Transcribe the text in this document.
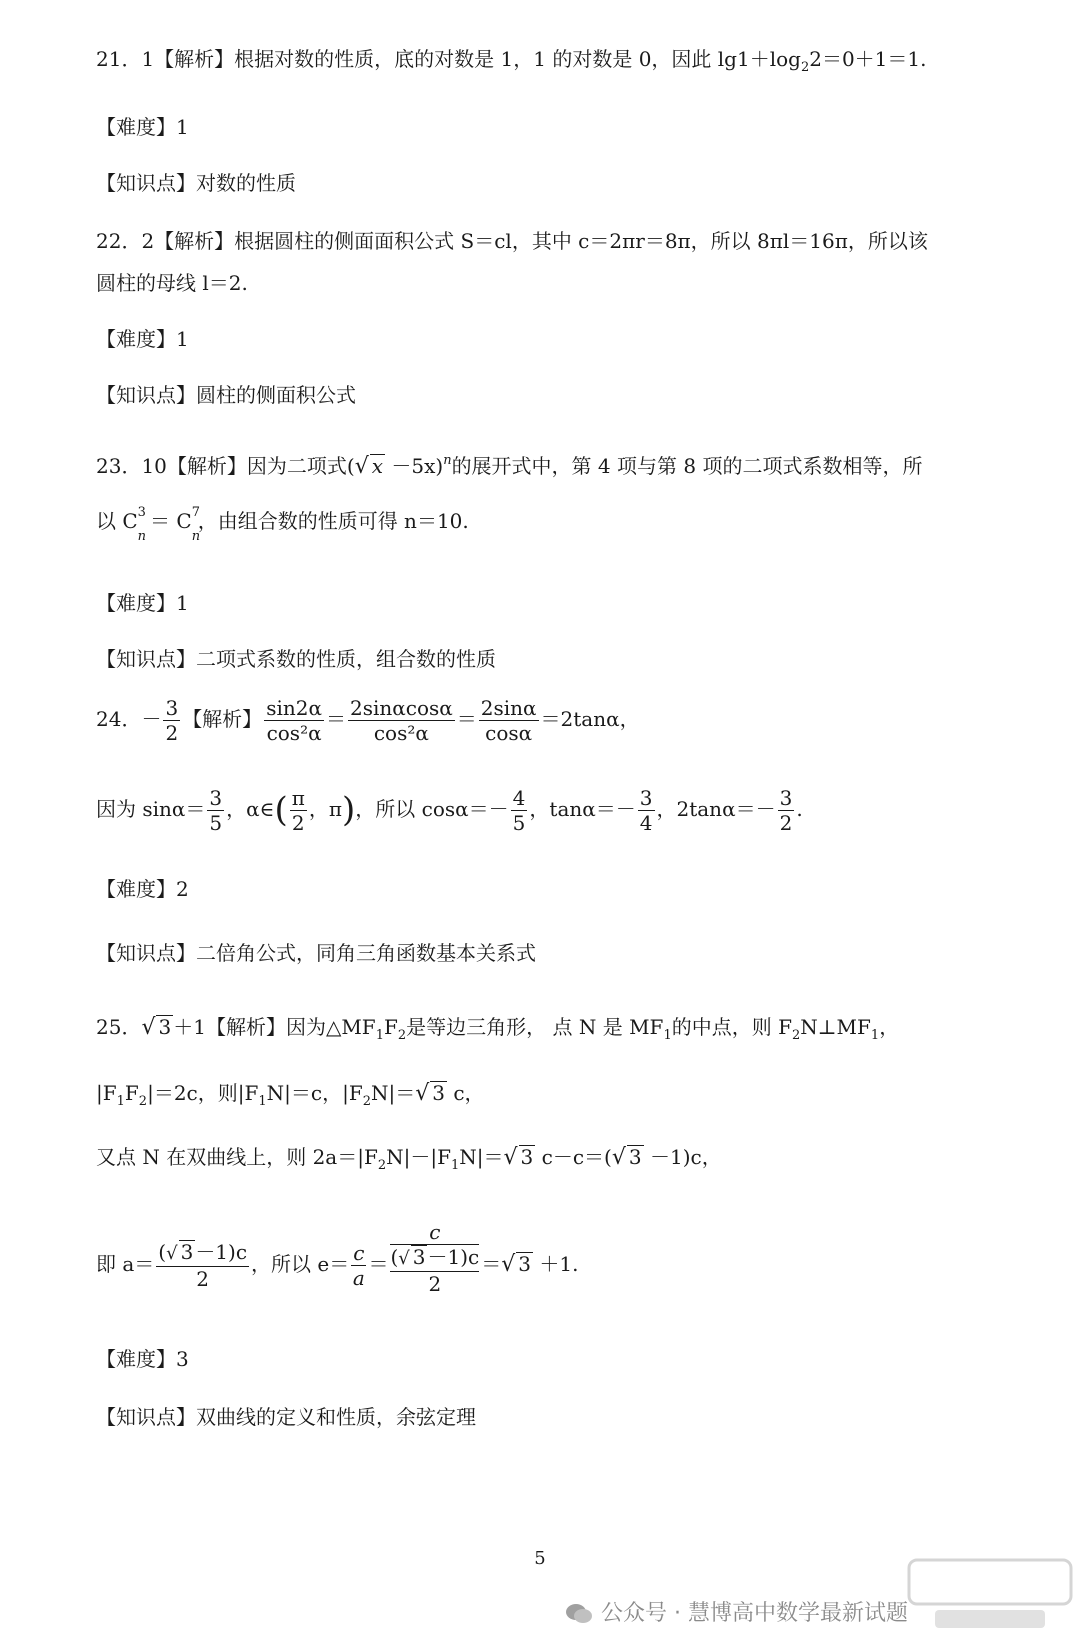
21．1【解析】根据对数的性质，底的对数是 1，1 的对数是 0，因此 $\lg 1+\log_22=0+1=1$.
【难度】1
【知识点】对数的性质
22．2【解析】根据圆柱的侧面面积公式 S＝cl，其中 c＝2πr＝8π，所以 8πl＝16π，所以该
圆柱的母线 l＝2.
【难度】1
【知识点】圆柱的侧面积公式
23．10【解析】因为二项式(√ x －5x)$^n$的展开式中，第 4 项与第 8 项的二项式系数相等，所
以 C 3
n
＝ C 7
n
，由组合数的性质可得 n＝10.
【难度】1
【知识点】二项式系数的性质，组合数的性质
24．－ $\frac{3}{2}$ 【解析】 $\frac{\sin 2\alpha}{\text{cos²α}} = \frac{2\sin\alpha\cos\alpha}{\text{cos²α}} = \frac{2\sin\alpha}{\cos\alpha} =2\tan\alpha$，
因为 $\sin\alpha= \frac{3}{5}$ ，α∈( $\frac{\pi}{2}$ ，π)，所以 $\cos\alpha=- \frac{4}{5}$ ，$\tan\alpha=- \frac{3}{4}$ ，$2\tan\alpha=- \frac{3}{2}$ .
【难度】2
【知识点】二倍角公式，同角三角函数基本关系式
25．√ 3 ＋1【解析】因为$\triangle MF_1F_2$是等边三角形， 点 N 是 $MF_1$的中点，则 $F_2N\perp MF_1$，
$|F_1F_2|=2c$，则$|F_1N|=c$，$|F_2N|=√$ 3 c，
又点 N 在双曲线上，则 $2a=|F_2N|-|F_1N|=√$ 3 c－c＝(√ 3 －1)c，
即 $a= \frac{(√ 3 -1)c}{2}$ ，所以 $e= \frac{c}{a}$ ＝
c
(√ 3 －1)c
2
＝√ 3 ＋1.
【难度】3
【知识点】双曲线的定义和性质，余弦定理
5
公众号 · 慧博高中数学最新试题
